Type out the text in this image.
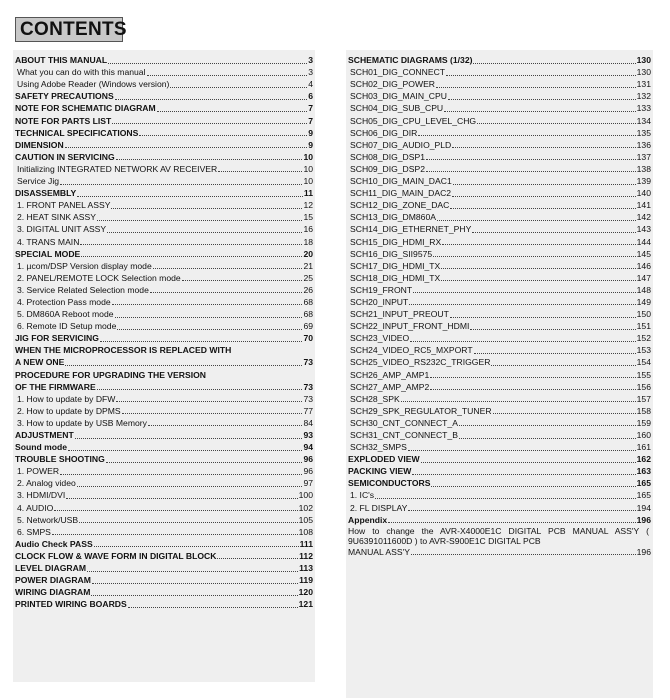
CONTENTS
ABOUT THIS MANUAL	3
What you can do with this manual	3
Using Adobe Reader (Windows version)	4
SAFETY PRECAUTIONS	6
NOTE FOR SCHEMATIC DIAGRAM	7
NOTE FOR PARTS LIST	7
TECHNICAL SPECIFICATIONS	9
DIMENSION	9
CAUTION IN SERVICING	10
Initializing INTEGRATED NETWORK AV RECEIVER	10
Service Jig	10
DISASSEMBLY	11
1. FRONT PANEL ASSY	12
2. HEAT SINK ASSY	15
3. DIGITAL UNIT ASSY	16
4. TRANS MAIN	18
SPECIAL MODE	20
1. µcom/DSP Version display mode	21
2. PANEL/REMOTE LOCK Selection mode	25
3. Service Related Selection mode	26
4. Protection Pass mode	68
5. DM860A Reboot mode	68
6. Remote ID Setup mode	69
JIG FOR SERVICING	70
WHEN THE MICROPROCESSOR IS REPLACED WITH
A NEW ONE	73
PROCEDURE FOR UPGRADING THE VERSION
OF THE FIRMWARE	73
1. How to update by DFW	73
2. How to update by DPMS	77
3. How to update by USB Memory	84
ADJUSTMENT	93
Sound mode	94
TROUBLE SHOOTING	96
1. POWER	96
2. Analog video	97
3. HDMI/DVI	100
4. AUDIO	102
5. Network/USB	105
6. SMPS	108
Audio Check PASS	111
CLOCK FLOW & WAVE FORM IN DIGITAL BLOCK	112
LEVEL DIAGRAM	113
POWER DIAGRAM	119
WIRING DIAGRAM	120
PRINTED WIRING BOARDS	121
SCHEMATIC DIAGRAMS (1/32)	130
SCH01_DIG_CONNECT	130
SCH02_DIG_POWER	131
SCH03_DIG_MAIN_CPU	132
SCH04_DIG_SUB_CPU	133
SCH05_DIG_CPU_LEVEL_CHG	134
SCH06_DIG_DIR	135
SCH07_DIG_AUDIO_PLD	136
SCH08_DIG_DSP1	137
SCH09_DIG_DSP2	138
SCH10_DIG_MAIN_DAC1	139
SCH11_DIG_MAIN_DAC2	140
SCH12_DIG_ZONE_DAC	141
SCH13_DIG_DM860A	142
SCH14_DIG_ETHERNET_PHY	143
SCH15_DIG_HDMI_RX	144
SCH16_DIG_SII9575	145
SCH17_DIG_HDMI_TX	146
SCH18_DIG_HDMI_TX	147
SCH19_FRONT	148
SCH20_INPUT	149
SCH21_INPUT_PREOUT	150
SCH22_INPUT_FRONT_HDMI	151
SCH23_VIDEO	152
SCH24_VIDEO_RC5_MXPORT	153
SCH25_VIDEO_RS232C_TRIGGER	154
SCH26_AMP_AMP1	155
SCH27_AMP_AMP2	156
SCH28_SPK	157
SCH29_SPK_REGULATOR_TUNER	158
SCH30_CNT_CONNECT_A	159
SCH31_CNT_CONNECT_B	160
SCH32_SMPS	161
EXPLODED VIEW	162
PACKING VIEW	163
SEMICONDUCTORS	165
1. IC's	165
2. FL DISPLAY	194
Appendix	196
How to change the AVR-X4000E1C DIGITAL PCB MANUAL ASS'Y ( 9U6391011600D ) to AVR-S900E1C DIGITAL PCB
MANUAL ASS'Y	196
